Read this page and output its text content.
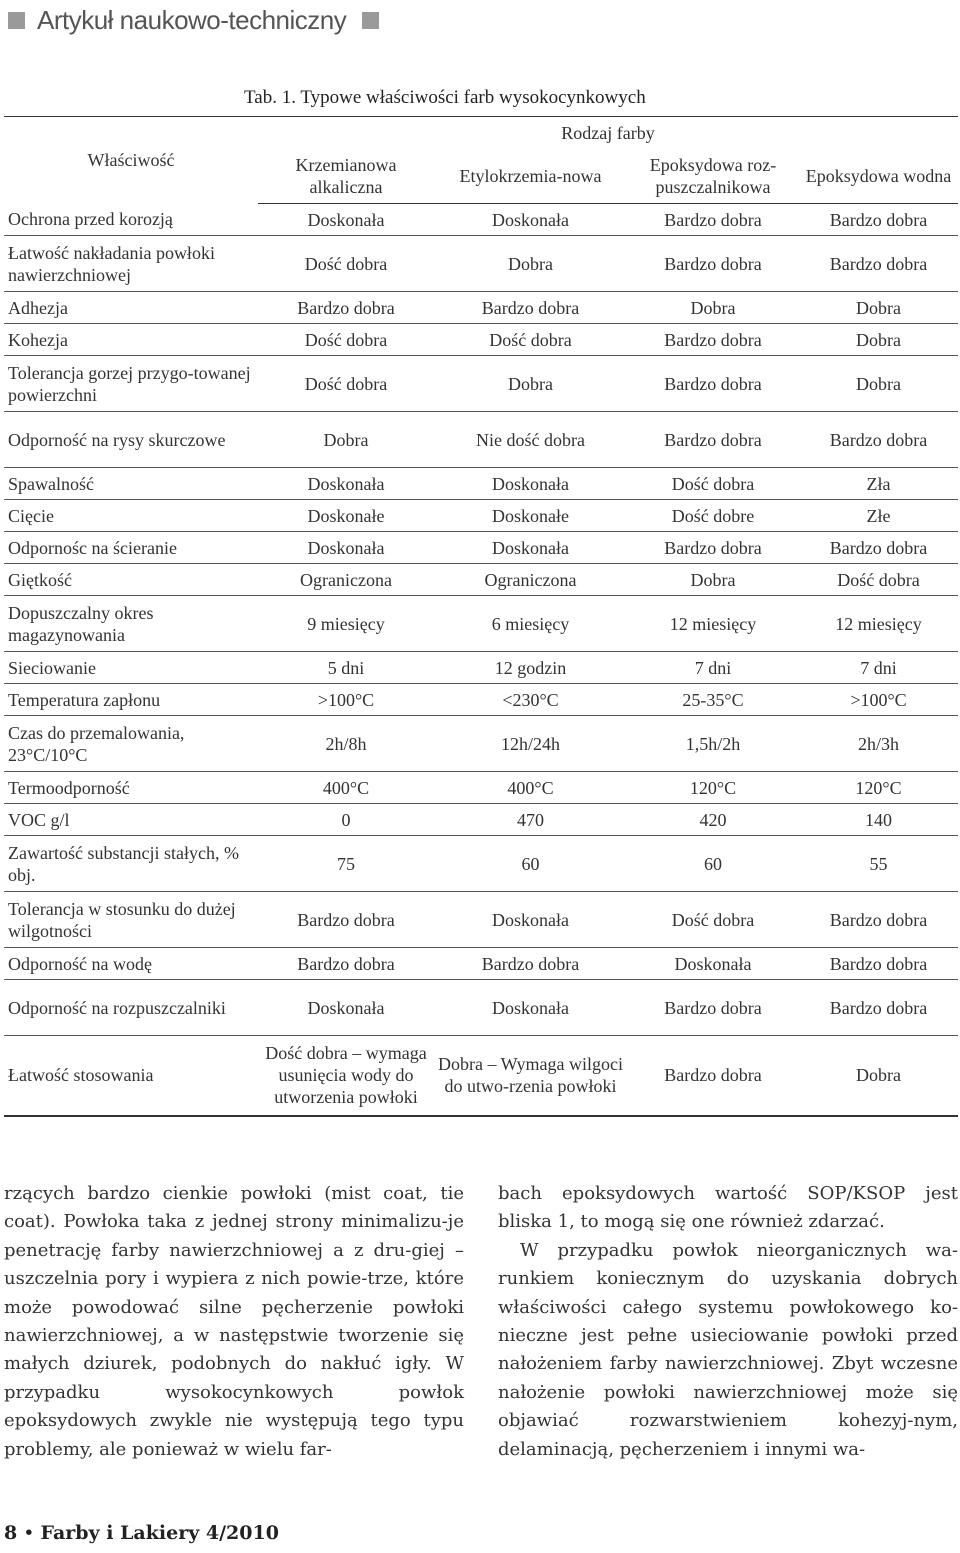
Artykuł naukowo-techniczny
Tab. 1. Typowe właściwości farb wysokocynkowych
Właściwość	Rodzaj farby			
	Krzemianowa alkaliczna	Etylokrzemia-nowa	Epoksydowa roz-puszczalnikowa	Epoksydowa wodna
Ochrona przed korozją	Doskonała	Doskonała	Bardzo dobra	Bardzo dobra
Łatwość nakładania powłoki nawierzchniowej	Dość dobra	Dobra	Bardzo dobra	Bardzo dobra
Adhezja	Bardzo dobra	Bardzo dobra	Dobra	Dobra
Kohezja	Dość dobra	Dość dobra	Bardzo dobra	Dobra
Tolerancja gorzej przygo-towanej powierzchni	Dość dobra	Dobra	Bardzo dobra	Dobra
Odporność na rysy skurczowe	Dobra	Nie dość dobra	Bardzo dobra	Bardzo dobra
Spawalność	Doskonała	Doskonała	Dość dobra	Zła
Cięcie	Doskonałe	Doskonałe	Dość dobre	Złe
Odpornośc na ścieranie	Doskonała	Doskonała	Bardzo dobra	Bardzo dobra
Giętkość	Ograniczona	Ograniczona	Dobra	Dość dobra
Dopuszczalny okres magazynowania	9 miesięcy	6 miesięcy	12 miesięcy	12 miesięcy
Sieciowanie	5 dni	12 godzin	7 dni	7 dni
Temperatura zapłonu	>100°C	<230°C	25-35°C	>100°C
Czas do przemalowania, 23°C/10°C	2h/8h	12h/24h	1,5h/2h	2h/3h
Termoodporność	400°C	400°C	120°C	120°C
VOC g/l	0	470	420	140
Zawartość substancji stałych, % obj.	75	60	60	55
Tolerancja w stosunku do dużej wilgotności	Bardzo dobra	Doskonała	Dość dobra	Bardzo dobra
Odporność na wodę	Bardzo dobra	Bardzo dobra	Doskonała	Bardzo dobra
Odporność na rozpuszczalniki	Doskonała	Doskonała	Bardzo dobra	Bardzo dobra
Łatwość stosowania	Dość dobra – wymaga usunięcia wody do utworzenia powłoki	Dobra – Wymaga wilgoci do utwo-rzenia powłoki	Bardzo dobra	Dobra

rzących bardzo cienkie powłoki (mist coat, tie coat). Powłoka taka z jednej strony minimalizu-je penetrację farby nawierzchniowej a z dru-giej – uszczelnia pory i wypiera z nich powie-trze, które może powodować silne pęcherzenie powłoki nawierzchniowej, a w następstwie tworzenie się małych dziurek, podobnych do nakłuć igły. W przypadku wysokocynkowych powłok epoksydowych zwykle nie występują tego typu problemy, ale ponieważ w wielu far-

bach epoksydowych wartość SOP/KSOP jest bliska 1, to mogą się one również zdarzać.

W przypadku powłok nieorganicznych wa-runkiem koniecznym do uzyskania dobrych właściwości całego systemu powłokowego ko-nieczne jest pełne usieciowanie powłoki przed nałożeniem farby nawierzchniowej. Zbyt wczesne nałożenie powłoki nawierzchniowej może się objawiać rozwarstwieniem kohezyj-nym, delaminacją, pęcherzeniem i innymi wa-

8 • Farby i Lakiery 4/2010
